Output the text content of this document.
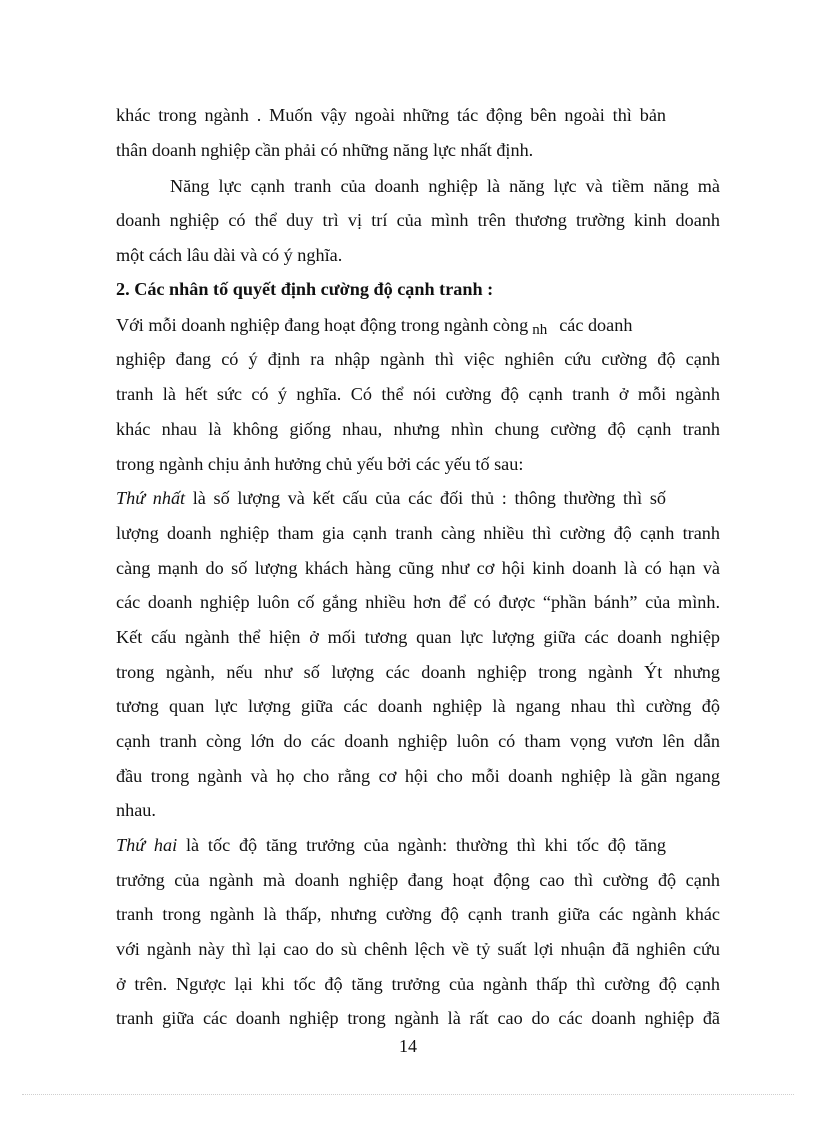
khác trong ngành . Muốn vậy ngoài những tác động bên ngoài thì bản
thân doanh nghiệp cần phải có những năng lực nhất định.
Năng lực cạnh tranh của doanh nghiệp là năng lực và tiềm năng mà
doanh nghiệp có thể duy trì vị trí của mình trên thương trường kinh doanh
một cách lâu dài và có ý nghĩa.
2. Các nhân tố quyết định cường độ cạnh tranh :
Với mỗi doanh nghiệp đang hoạt động trong ngành còng $_{nh}$ các doanh
nghiệp đang có ý định ra nhập ngành thì việc nghiên cứu cường độ cạnh
tranh là hết sức có ý nghĩa. Có thể nói cường độ cạnh tranh ở mỗi ngành
khác nhau là không giống nhau, nhưng nhìn chung cường độ cạnh tranh
trong ngành chịu ảnh hưởng chủ yếu bởi các yếu tố sau:
Thứ nhất là số lượng và kết cấu của các đối thủ : thông thường thì số
lượng doanh nghiệp tham gia cạnh tranh càng nhiều thì cường độ cạnh tranh
càng mạnh do số lượng khách hàng cũng như cơ hội kinh doanh là có hạn và
các doanh nghiệp luôn cố gắng nhiều hơn để có được “phần bánh” của mình.
Kết cấu ngành thể hiện ở mối tương quan lực lượng giữa các doanh nghiệp
trong ngành, nếu như số lượng các doanh nghiệp trong ngành Ýt nhưng
tương quan lực lượng giữa các doanh nghiệp là ngang nhau thì cường độ
cạnh tranh còng lớn do các doanh nghiệp luôn có tham vọng vươn lên dẫn
đầu trong ngành và họ cho rằng cơ hội cho mỗi doanh nghiệp là gần ngang
nhau.
Thứ hai là tốc độ tăng trưởng của ngành: thường thì khi tốc độ tăng
trưởng của ngành mà doanh nghiệp đang hoạt động cao thì cường độ cạnh
tranh trong ngành là thấp, nhưng cường độ cạnh tranh giữa các ngành khác
với ngành này thì lại cao do sù chênh lệch về tỷ suất lợi nhuận đã nghiên cứu
ở trên. Ngược lại khi tốc độ tăng trưởng của ngành thấp thì cường độ cạnh
tranh giữa các doanh nghiệp trong ngành là rất cao do các doanh nghiệp đã
14
